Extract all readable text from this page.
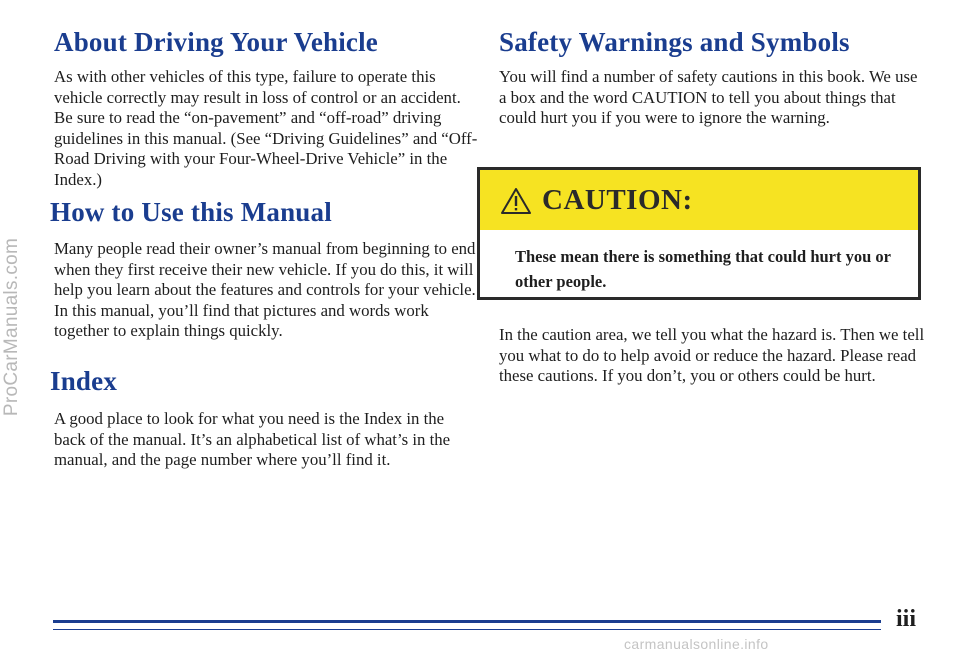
ProCarManuals.com
About Driving Your Vehicle

As with other vehicles of this type, failure to operate this vehicle correctly may result in loss of control or an accident. Be sure to read the “on-pavement” and “off-road” driving guidelines in this manual. (See “Driving Guidelines” and “Off-Road Driving with your Four-Wheel-Drive Vehicle” in the Index.)

How to Use this Manual

Many people read their owner’s manual from beginning to end when they first receive their new vehicle. If you do this, it will help you learn about the features and controls for your vehicle. In this manual, you’ll find that pictures and words work together to explain things quickly.

Index

A good place to look for what you need is the Index in the back of the manual. It’s an alphabetical list of what’s in the manual, and the page number where you’ll find it.

Safety Warnings and Symbols

You will find a number of safety cautions in this book. We use a box and the word CAUTION to tell you about things that could hurt you if you were to ignore the warning.

In the caution area, we tell you what the hazard is. Then we tell you what to do to help avoid or reduce the hazard. Please read these cautions. If you don’t, you or others could be hurt.

CAUTION:
These mean there is something that could hurt you or other people.
iii
carmanualsonline.info
